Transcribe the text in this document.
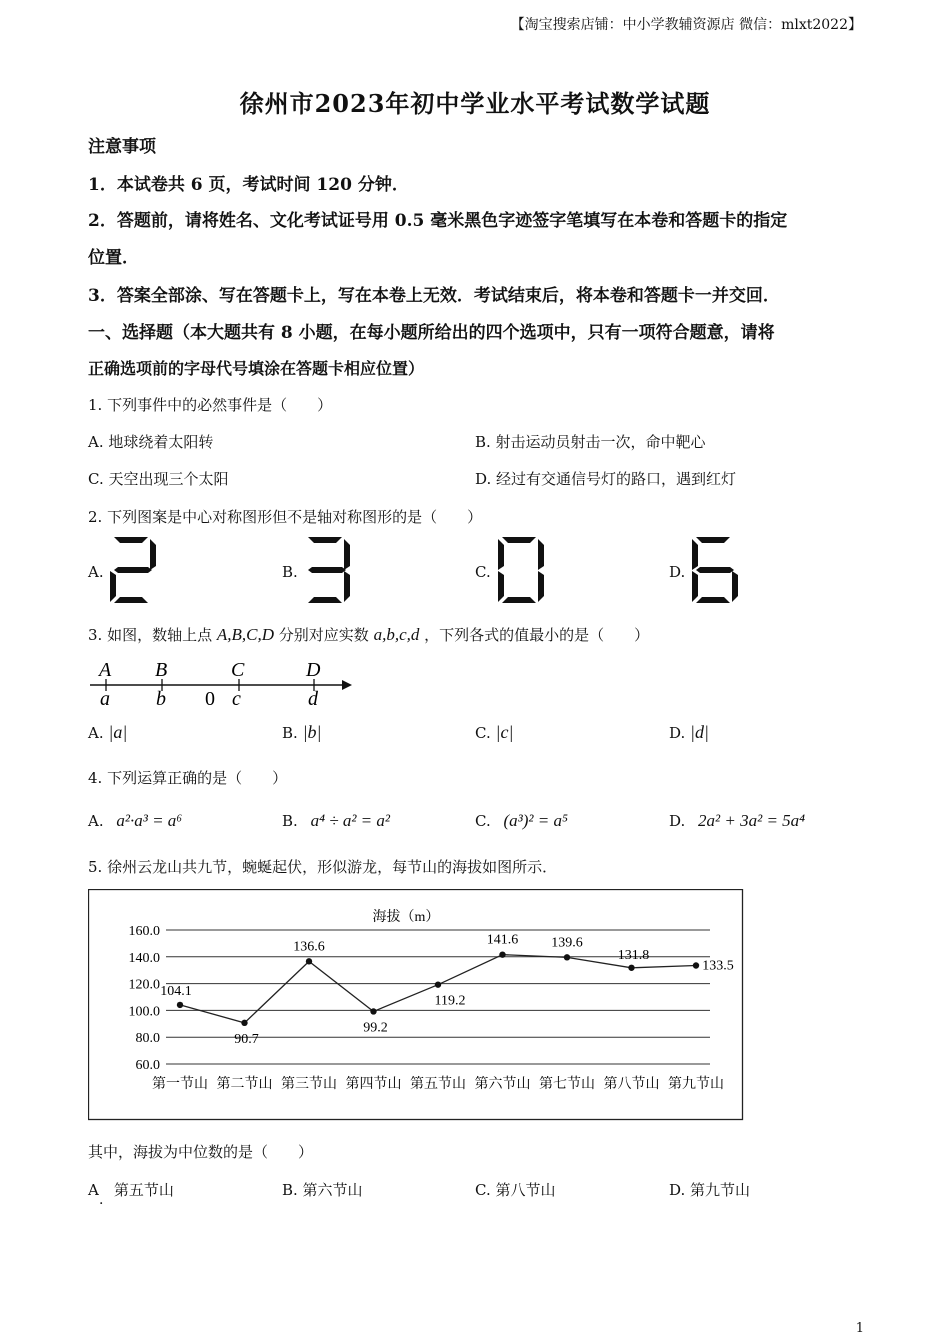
【淘宝搜索店铺：中小学教辅资源店 微信：mlxt2022】
徐州市2023年初中学业水平考试数学试题
注意事项
1．本试卷共 6 页，考试时间 120 分钟．
2．答题前，请将姓名、文化考试证号用 0.5 毫米黑色字迹签字笔填写在本卷和答题卡的指定
位置．
3．答案全部涂、写在答题卡上，写在本卷上无效．考试结束后，将本卷和答题卡一并交回．
一、选择题（本大题共有 8 小题，在每小题所给出的四个选项中，只有一项符合题意，请将
正确选项前的字母代号填涂在答题卡相应位置）
1. 下列事件中的必然事件是（　　）
A. 地球绕着太阳转	B. 射击运动员射击一次，命中靶心
C. 天空出现三个太阳	D. 经过有交通信号灯的路口，遇到红灯
2. 下列图案是中心对称图形但不是轴对称图形的是（　　）
A.	B.	C.	D.
3. 如图，数轴上点 A,B,C,D 分别对应实数 a,b,c,d ，下列各式的值最小的是（　　）
A B	C	D
a b 0 c	d
A. |a|	B. |b|	C. |c|	D. |d|
4. 下列运算正确的是（　　）
A. a²·a³ = a⁶	B. a⁴ ÷ a² = a²	C. (a³)² = a⁵	D. 2a² + 3a² = 5a⁴
5. 徐州云龙山共九节，蜿蜒起伏，形似游龙，每节山的海拔如图所示．
海拔（m）
60.0
80.0
100.0
120.0
140.0
160.0
第一节山 第二节山 第三节山 第四节山 第五节山 第六节山 第七节山 第八节山 第九节山
104.1
90.7
136.6
99.2
119.2
141.6 139.6
131.8
133.5
其中，海拔为中位数的是（　　）
A　第五节山
·
B. 第六节山	C. 第八节山	D. 第九节山
1
